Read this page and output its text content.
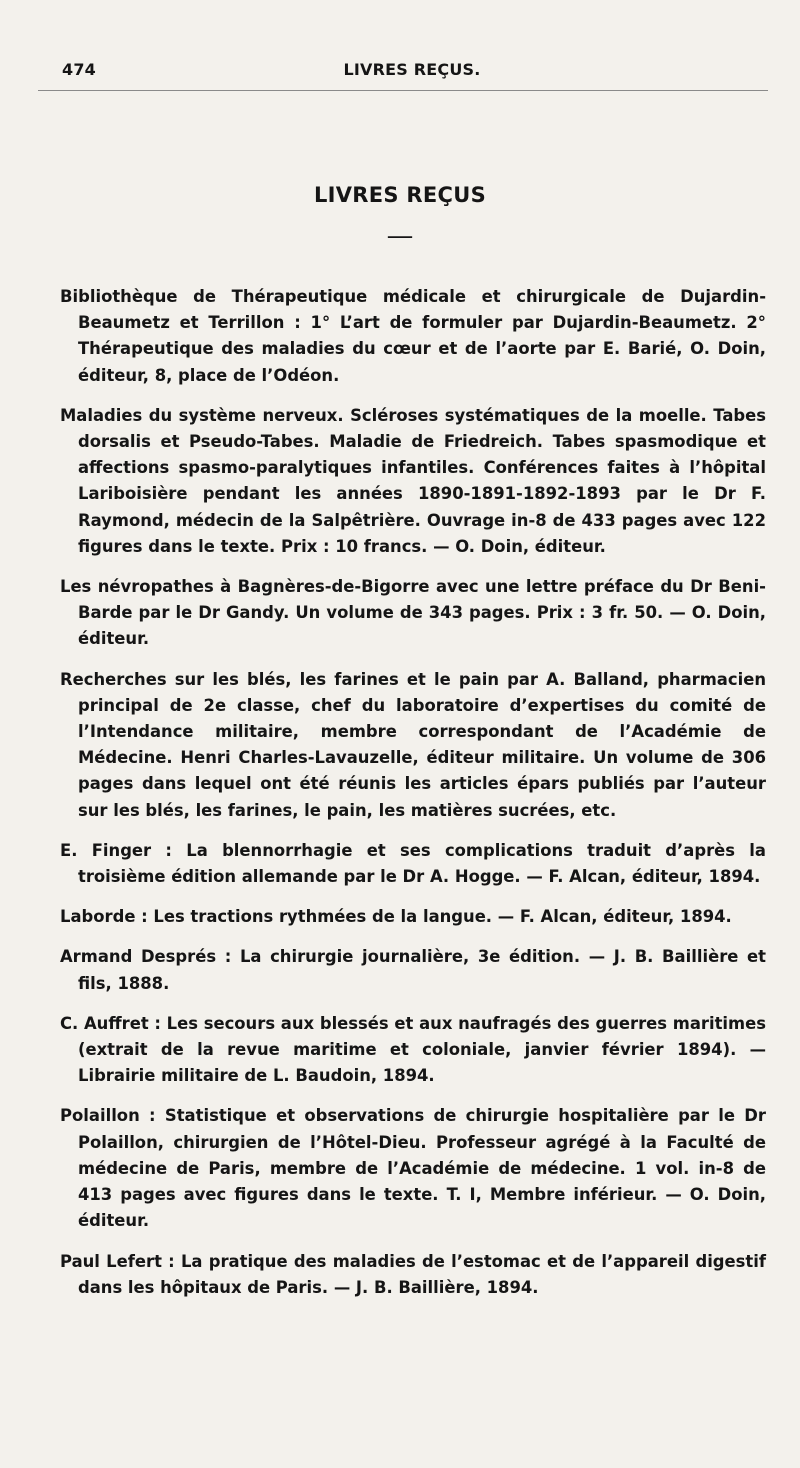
474	LIVRES REÇUS.
LIVRES REÇUS
—

Bibliothèque de Thérapeutique médicale et chirurgicale de Dujardin-Beaumetz et Terrillon : 1° L’art de formuler par Dujardin-Beaumetz. 2° Thérapeutique des maladies du cœur et de l’aorte par E. Barié, O. Doin, éditeur, 8, place de l’Odéon.

Maladies du système nerveux. Scléroses systématiques de la moelle. Tabes dorsalis et Pseudo-Tabes. Maladie de Friedreich. Tabes spasmodique et affections spasmo-paralytiques infantiles. Conférences faites à l’hôpital Lariboisière pendant les années 1890-1891-1892-1893 par le Dr F. Raymond, médecin de la Salpêtrière. Ouvrage in-8 de 433 pages avec 122 figures dans le texte. Prix : 10 francs. — O. Doin, éditeur.

Les névropathes à Bagnères-de-Bigorre avec une lettre préface du Dr Beni-Barde par le Dr Gandy. Un volume de 343 pages. Prix : 3 fr. 50. — O. Doin, éditeur.

Recherches sur les blés, les farines et le pain par A. Balland, pharmacien principal de 2e classe, chef du laboratoire d’expertises du comité de l’Intendance militaire, membre correspondant de l’Académie de Médecine. Henri Charles-Lavauzelle, éditeur militaire. Un volume de 306 pages dans lequel ont été réunis les articles épars publiés par l’auteur sur les blés, les farines, le pain, les matières sucrées, etc.

E. Finger : La blennorrhagie et ses complications traduit d’après la troisième édition allemande par le Dr A. Hogge. — F. Alcan, éditeur, 1894.

Laborde : Les tractions rythmées de la langue. — F. Alcan, éditeur, 1894.

Armand Després : La chirurgie journalière, 3e édition. — J. B. Baillière et fils, 1888.

C. Auffret : Les secours aux blessés et aux naufragés des guerres maritimes (extrait de la revue maritime et coloniale, janvier février 1894). — Librairie militaire de L. Baudoin, 1894.

Polaillon : Statistique et observations de chirurgie hospitalière par le Dr Polaillon, chirurgien de l’Hôtel-Dieu. Professeur agrégé à la Faculté de médecine de Paris, membre de l’Académie de médecine. 1 vol. in-8 de 413 pages avec figures dans le texte. T. I, Membre inférieur. — O. Doin, éditeur.

Paul Lefert : La pratique des maladies de l’estomac et de l’appareil digestif dans les hôpitaux de Paris. — J. B. Baillière, 1894.
